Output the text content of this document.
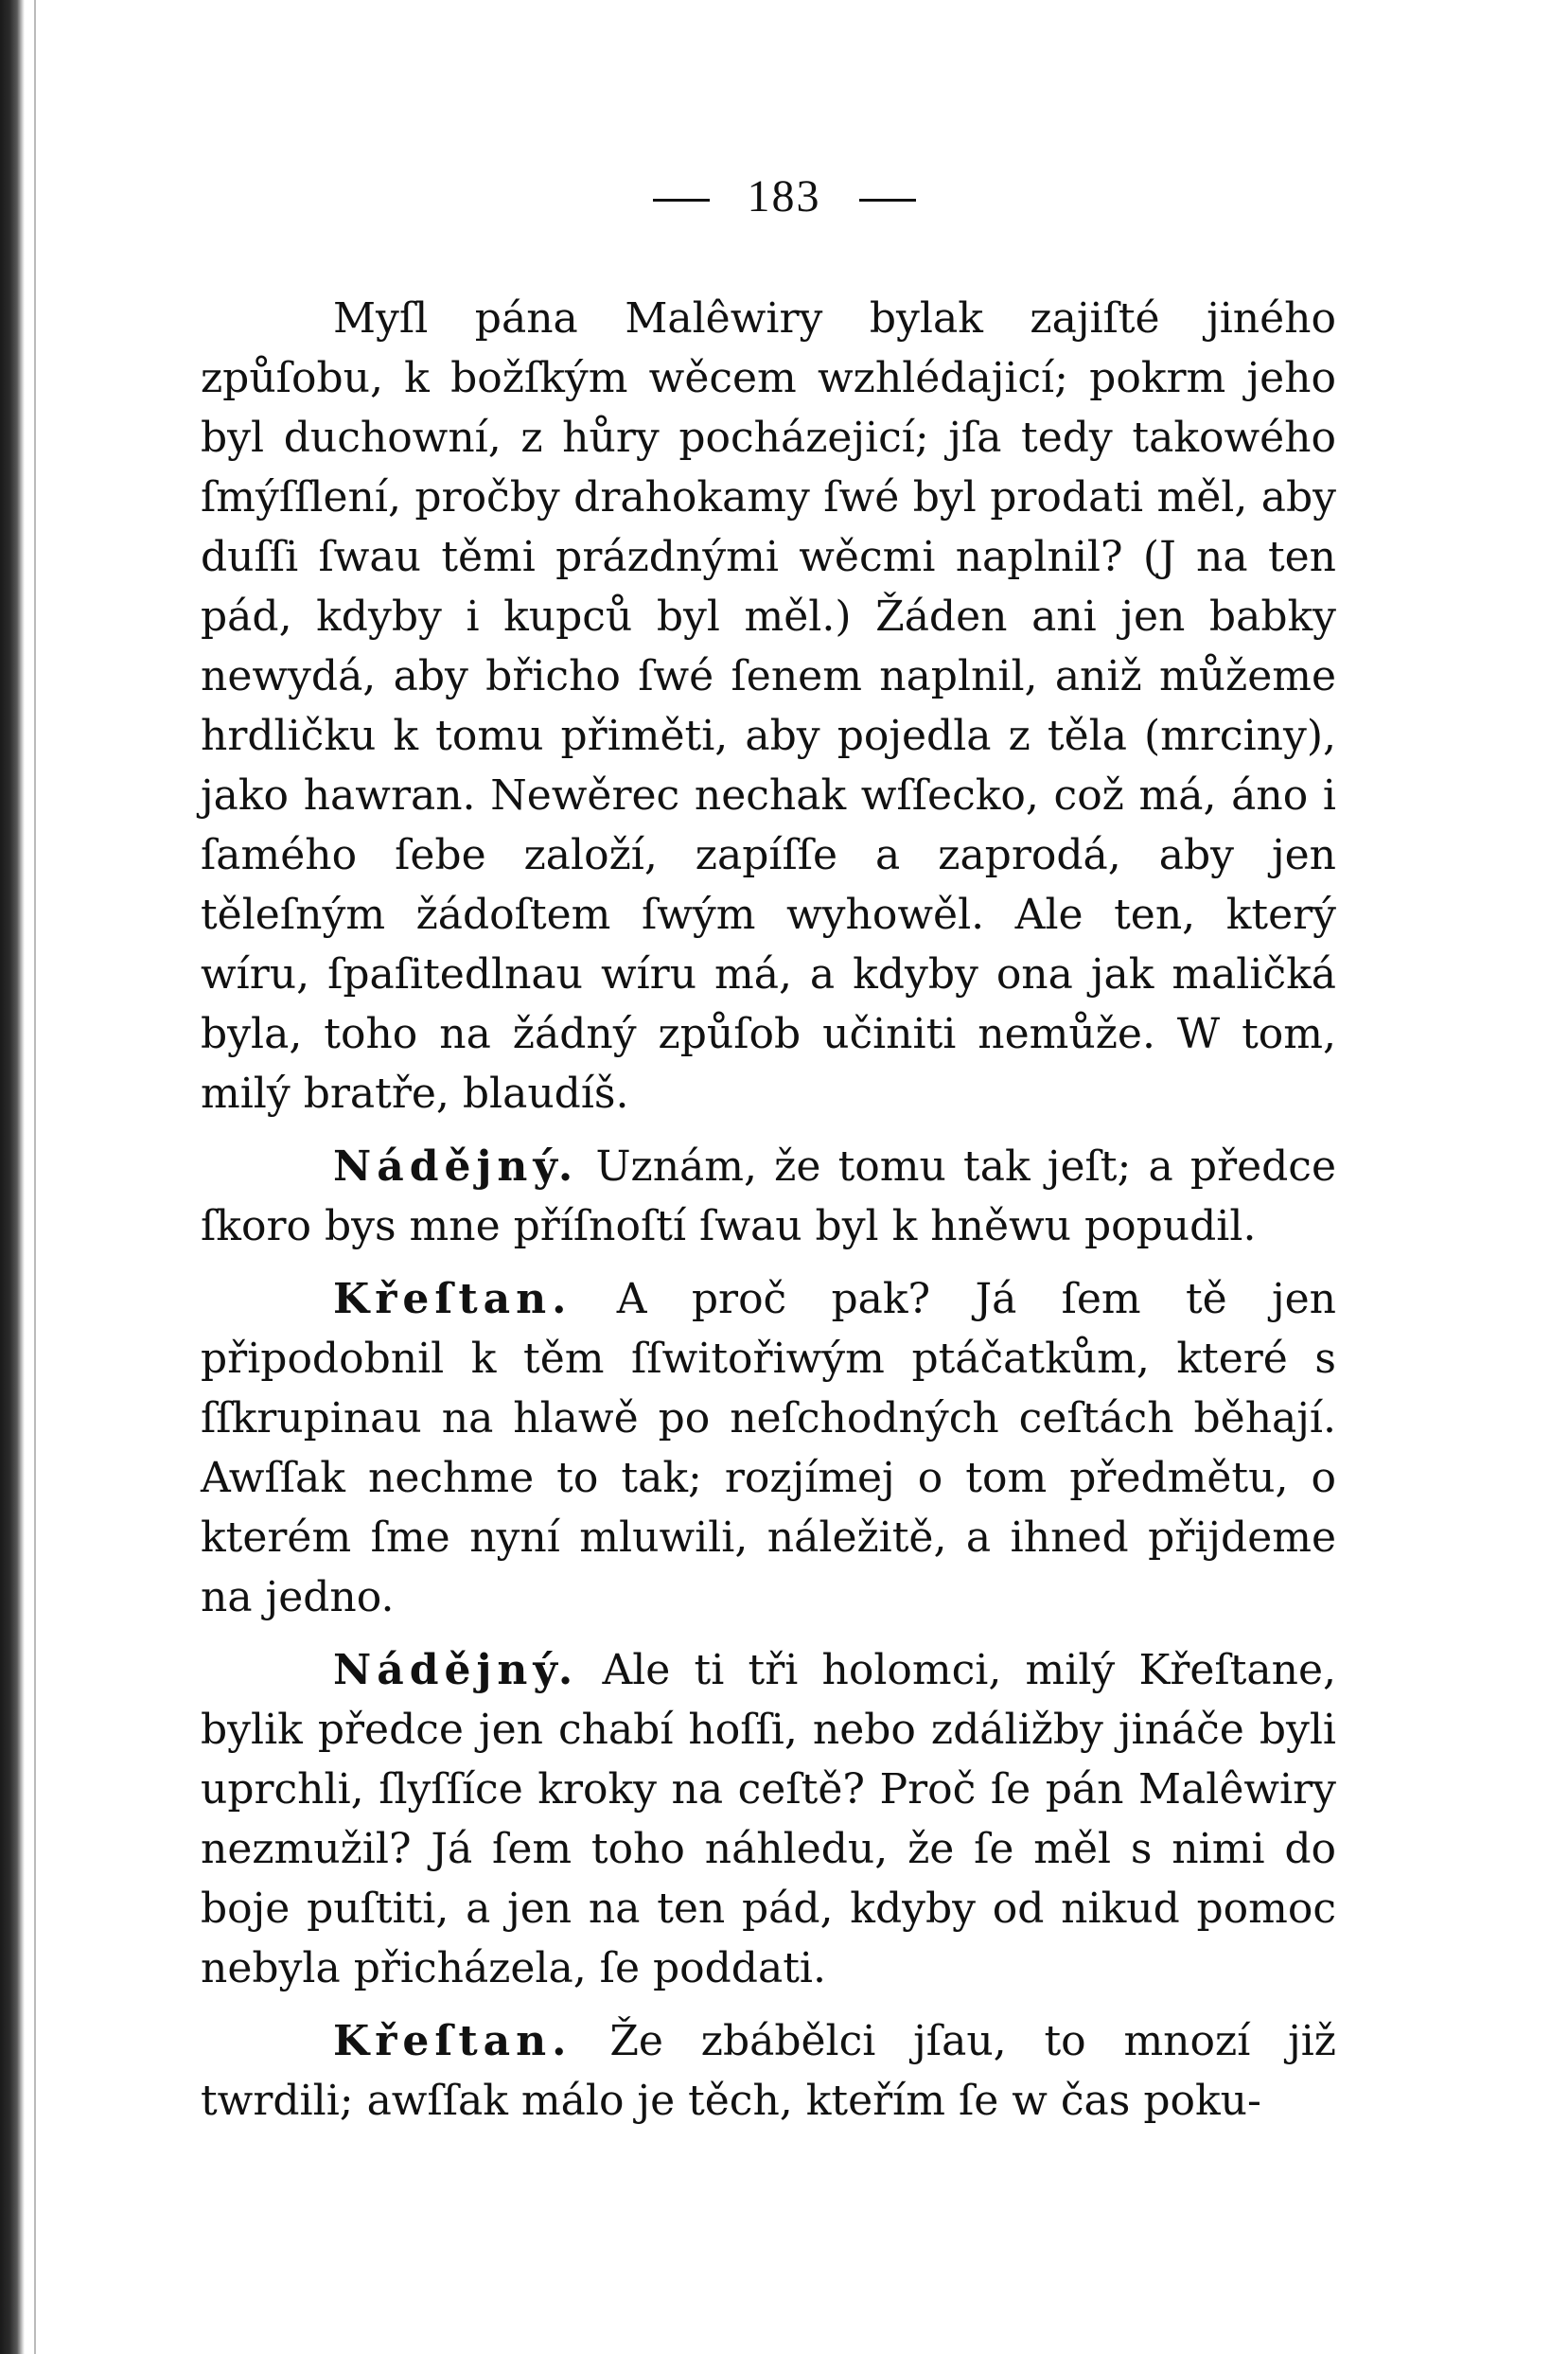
183

Myſl pána Malêwiry bylak zajiſté jiného způſobu, k božſkým wěcem wzhlédajicí; pokrm jeho byl duchowní, z hůry pocházejicí; jſa tedy takowého ſmýſſlení, pročby drahokamy ſwé byl prodati měl, aby duſſi ſwau těmi prázdnými wěcmi naplnil? (J na ten pád, kdyby i kupců byl měl.) Žáden ani jen babky newydá, aby břicho ſwé ſenem naplnil, aniž můžeme hrdličku k tomu přiměti, aby pojedla z těla (mrciny), jako hawran. Newěrec nechak wſſecko, což má, áno i ſamého ſebe založí, zapíſſe a zaprodá, aby jen těleſným žádoſtem ſwým wyhowěl. Ale ten, který wíru, ſpaſitedlnau wíru má, a kdyby ona jak maličká byla, toho na žádný způſob učiniti nemůže. W tom, milý bratře, blaudíš.

Nádějný. Uznám, že tomu tak jeſt; a předce ſkoro bys mne příſnoſtí ſwau byl k hněwu popudil.

Křeſtan. A proč pak? Já ſem tě jen připodobnil k těm ſſwitořiwým ptáčatkům, které s ſſkrupinau na hlawě po neſchodných ceſtách běhají. Awſſak nechme to tak; rozjímej o tom předmětu, o kterém ſme nyní mluwili, náležitě, a ihned přijdeme na jedno.

Nádějný. Ale ti tři holomci, milý Křeſtane, bylik předce jen chabí hoſſi, nebo zdáližby jináče byli uprchli, ſlyſſíce kroky na ceſtě? Proč ſe pán Malêwiry nezmužil? Já ſem toho náhledu, že ſe měl s nimi do boje puſtiti, a jen na ten pád, kdyby od nikud pomoc nebyla přicházela, ſe poddati.

Křeſtan. Že zbábělci jſau, to mnozí již twrdili; awſſak málo je těch, kteřím ſe w čas poku-
